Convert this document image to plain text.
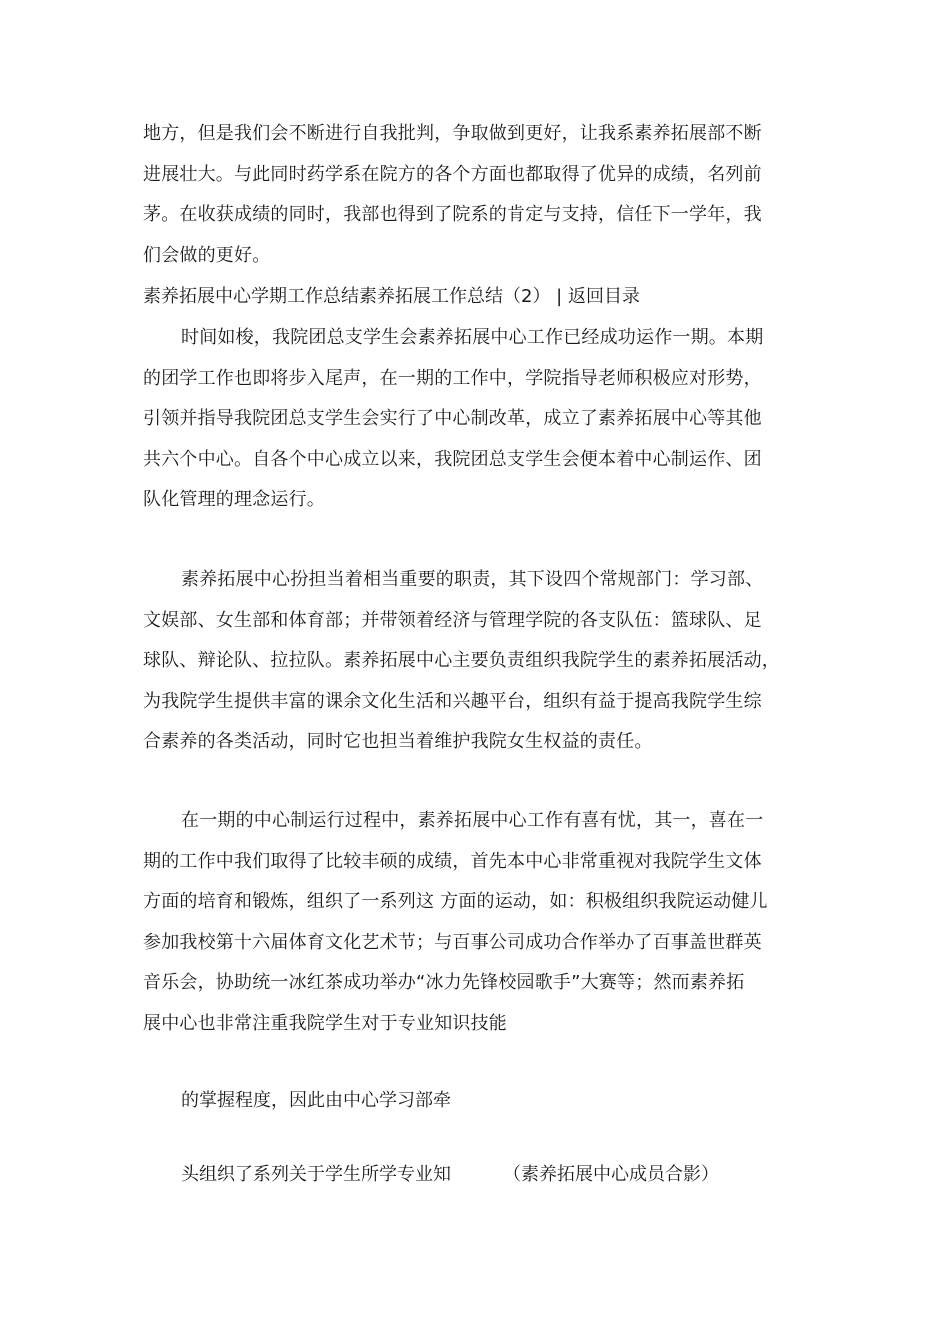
地方，但是我们会不断进行自我批判，争取做到更好，让我系素养拓展部不断
进展壮大。与此同时药学系在院方的各个方面也都取得了优异的成绩，名列前
茅。在收获成绩的同时，我部也得到了院系的肯定与支持，信任下一学年，我
们会做的更好。
素养拓展中心学期工作总结素养拓展工作总结（2） | 返回目录
时间如梭，我院团总支学生会素养拓展中心工作已经成功运作一期。本期
的团学工作也即将步入尾声，在一期的工作中，学院指导老师积极应对形势，
引领并指导我院团总支学生会实行了中心制改革，成立了素养拓展中心等其他
共六个中心。自各个中心成立以来，我院团总支学生会便本着中心制运作、团
队化管理的理念运行。
素养拓展中心扮担当着相当重要的职责，其下设四个常规部门：学习部、
文娱部、女生部和体育部；并带领着经济与管理学院的各支队伍：篮球队、足
球队、辩论队、拉拉队。素养拓展中心主要负责组织我院学生的素养拓展活动，
为我院学生提供丰富的课余文化生活和兴趣平台，组织有益于提高我院学生综
合素养的各类活动，同时它也担当着维护我院女生权益的责任。
在一期的中心制运行过程中，素养拓展中心工作有喜有忧，其一，喜在一
期的工作中我们取得了比较丰硕的成绩，首先本中心非常重视对我院学生文体
方面的培育和锻炼，组织了一系列这 方面的运动，如：积极组织我院运动健儿
参加我校第十六届体育文化艺术节；与百事公司成功合作举办了百事盖世群英
音乐会，协助统一冰红茶成功举办“冰力先锋校园歌手”大赛等；然而素养拓
展中心也非常注重我院学生对于专业知识技能
的掌握程度，因此由中心学习部牵
头组织了系列关于学生所学专业知	（素养拓展中心成员合影）
